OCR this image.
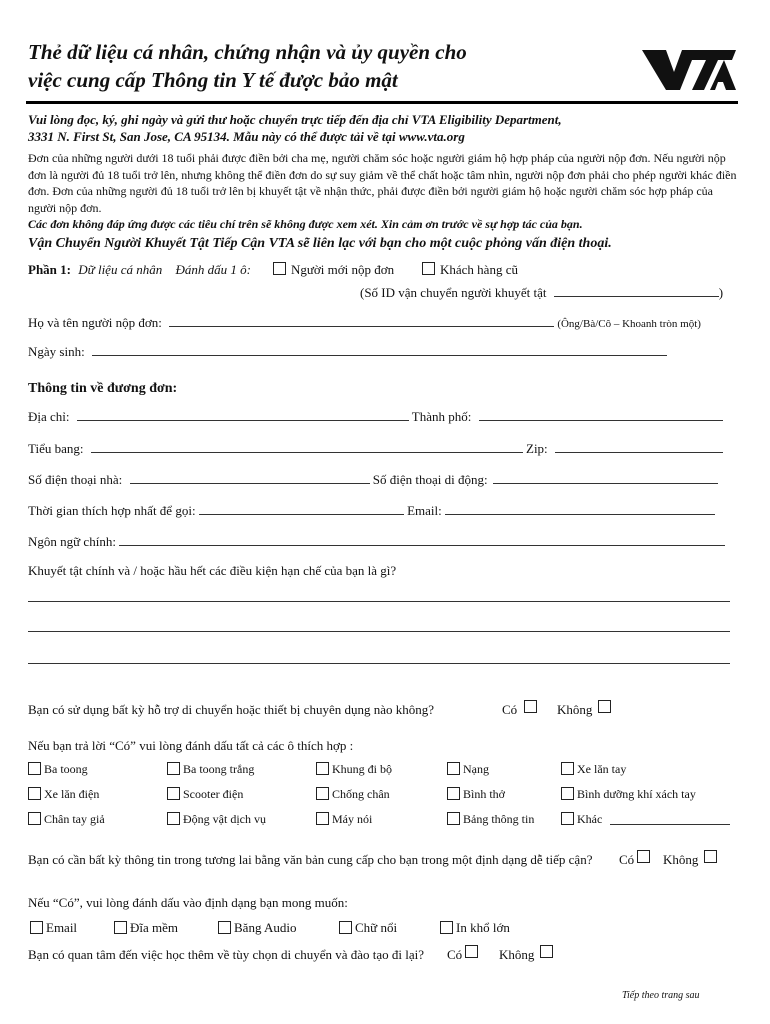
Thẻ dữ liệu cá nhân, chứng nhận và ủy quyền cho
việc cung cấp Thông tin Y tế được bảo mật
Vui lòng đọc, ký, ghi ngày và gửi thư hoặc chuyển trực tiếp đến địa chỉ VTA Eligibility Department,
3331 N. First St, San Jose, CA 95134. Mẫu này có thể được tải về tại www.vta.org
Đơn của những người dưới 18 tuổi phải được điền bởi cha mẹ, người chăm sóc hoặc người giám hộ hợp pháp của người nộp đơn. Nếu người nộp đơn là người đủ 18 tuổi trở lên, nhưng không thể điền đơn do sự suy giảm về thể chất hoặc tâm nhìn, người nộp đơn phải cho phép người khác điền đơn. Đơn của những người đủ 18 tuổi trở lên bị khuyết tật về nhận thức, phải được điền bởi người giám hộ hoặc người chăm sóc hợp pháp của người nộp đơn.
Các đơn không đáp ứng được các tiêu chí trên sẽ không được xem xét. Xin cảm ơn trước về sự hợp tác của bạn.
Vận Chuyển Người Khuyết Tật Tiếp Cận VTA sẽ liên lạc với bạn cho một cuộc phỏng vấn điện thoại.
Phần 1: Dữ liệu cá nhân Đánh dấu 1 ô:	Người mới nộp đơn	Khách hàng cũ
(Số ID vận chuyển người khuyết tật	)
Họ và tên người nộp đơn:	(Ông/Bà/Cô – Khoanh tròn một)
Ngày sinh:
Thông tin về đương đơn:
Địa chỉ:	Thành phố:
Tiểu bang:	Zip:
Số điện thoại nhà:	Số điện thoại di động:
Thời gian thích hợp nhất để gọi:	Email:
Ngôn ngữ chính:
Khuyết tật chính và / hoặc hầu hết các điều kiện hạn chế của bạn là gì?
Bạn có sử dụng bất kỳ hỗ trợ di chuyển hoặc thiết bị chuyên dụng nào không?	Có	Không
Nếu bạn trả lời “Có” vui lòng đánh dấu tất cả các ô thích hợp :
Ba toong	Ba toong trắng	Khung đi bộ	Nạng	Xe lăn tay
Xe lăn điện	Scooter điện	Chống chân	Bình thở	Bình dưỡng khí xách tay
Chân tay giả	Động vật dịch vụ	Máy nói	Bảng thông tin	Khác
Bạn có cần bất kỳ thông tin trong tương lai bằng văn bản cung cấp cho bạn trong một định dạng dễ tiếp cận? Có Không
Nếu “Có”, vui lòng đánh dấu vào định dạng bạn mong muốn:
Email	Đĩa mềm	Băng Audio	Chữ nổi	In khổ lớn
Bạn có quan tâm đến việc học thêm về tùy chọn di chuyển và đào tạo đi lại? Có	Không
Tiếp theo trang sau
